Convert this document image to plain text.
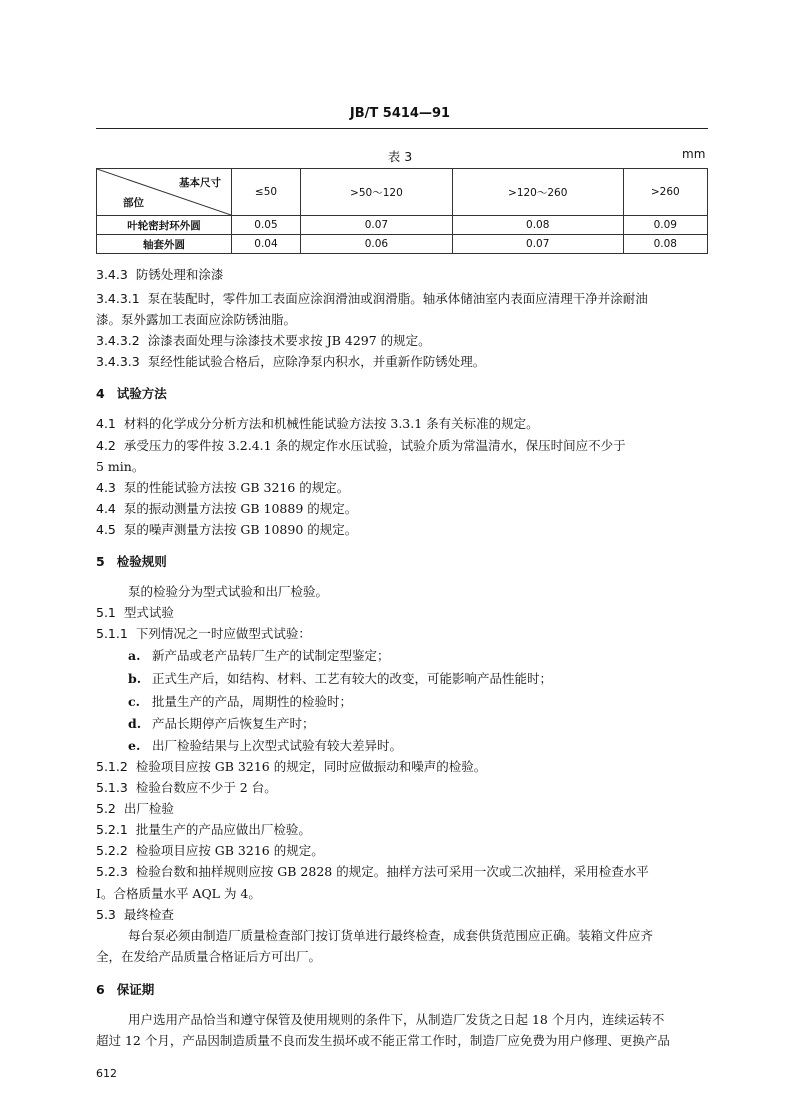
JB/T 5414—91
表 3	mm
基本尺寸
部位	≤50	>50～120	>120～260	>260
叶轮密封环外圆	0.05	0.07	0.08	0.09
轴套外圆	0.04	0.06	0.07	0.08
3.4.3 防锈处理和涂漆
3.4.3.1 泵在装配时，零件加工表面应涂润滑油或润滑脂。轴承体储油室内表面应清理干净并涂耐油
漆。泵外露加工表面应涂防锈油脂。
3.4.3.2 涂漆表面处理与涂漆技术要求按 JB 4297 的规定。
3.4.3.3 泵经性能试验合格后，应除净泵内积水，并重新作防锈处理。
4 试验方法
4.1 材料的化学成分分析方法和机械性能试验方法按 3.3.1 条有关标准的规定。
4.2 承受压力的零件按 3.2.4.1 条的规定作水压试验，试验介质为常温清水，保压时间应不少于
5 min。
4.3 泵的性能试验方法按 GB 3216 的规定。
4.4 泵的振动测量方法按 GB 10889 的规定。
4.5 泵的噪声测量方法按 GB 10890 的规定。
5 检验规则
泵的检验分为型式试验和出厂检验。
5.1 型式试验
5.1.1 下列情况之一时应做型式试验：
a. 新产品或老产品转厂生产的试制定型鉴定；
b. 正式生产后，如结构、材料、工艺有较大的改变，可能影响产品性能时；
c. 批量生产的产品，周期性的检验时；
d. 产品长期停产后恢复生产时；
e. 出厂检验结果与上次型式试验有较大差异时。
5.1.2 检验项目应按 GB 3216 的规定，同时应做振动和噪声的检验。
5.1.3 检验台数应不少于 2 台。
5.2 出厂检验
5.2.1 批量生产的产品应做出厂检验。
5.2.2 检验项目应按 GB 3216 的规定。
5.2.3 检验台数和抽样规则应按 GB 2828 的规定。抽样方法可采用一次或二次抽样，采用检查水平
Ⅰ。合格质量水平 AQL 为 4。
5.3 最终检查
每台泵必须由制造厂质量检查部门按订货单进行最终检查，成套供货范围应正确。装箱文件应齐
全，在发给产品质量合格证后方可出厂。
6 保证期
用户选用产品恰当和遵守保管及使用规则的条件下，从制造厂发货之日起 18 个月内，连续运转不
超过 12 个月，产品因制造质量不良而发生损坏或不能正常工作时，制造厂应免费为用户修理、更换产品
612
